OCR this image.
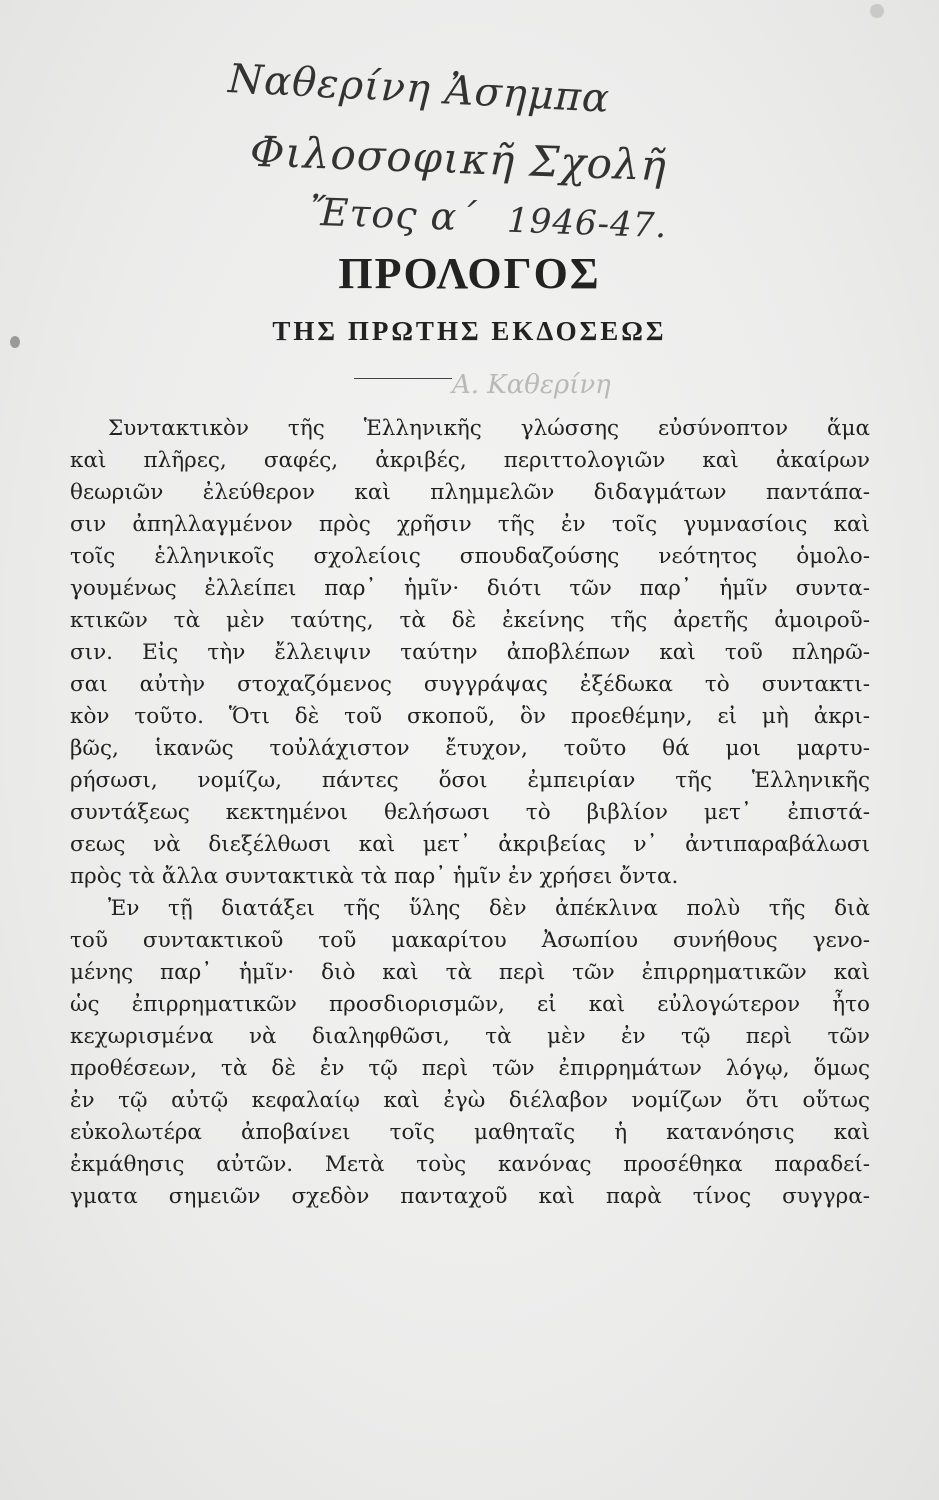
Ναθερίνη Ἀσημπα
Φιλοσοφικῆ Σχολῆ
Ἔτος α΄ 1946-47.
ΠΡΟΛΟΓΟΣ
ΤΗΣ ΠΡΩΤΗΣ ΕΚΔΟΣΕΩΣ
Α. Καθερίνη
Συντακτικὸν τῆς Ἑλληνικῆς γλώσσης εὐσύνοπτον ἅμα
καὶ πλῆρες, σαφές, ἀκριβές, περιττολογιῶν καὶ ἀκαίρων
θεωριῶν ἐλεύθερον καὶ πλημμελῶν διδαγμάτων παντάπα-
σιν ἀπηλλαγμένον πρὸς χρῆσιν τῆς ἐν τοῖς γυμνασίοις καὶ
τοῖς ἑλληνικοῖς σχολείοις σπουδαζούσης νεότητος ὁμολο-
γουμένως ἐλλείπει παρ᾽ ἡμῖν· διότι τῶν παρ᾽ ἡμῖν συντα-
κτικῶν τὰ μὲν ταύτης, τὰ δὲ ἐκείνης τῆς ἀρετῆς ἀμοιροῦ-
σιν. Εἰς τὴν ἔλλειψιν ταύτην ἀποβλέπων καὶ τοῦ πληρῶ-
σαι αὐτὴν στοχαζόμενος συγγράψας ἐξέδωκα τὸ συντακτι-
κὸν τοῦτο. Ὅτι δὲ τοῦ σκοποῦ, ὃν προεθέμην, εἰ μὴ ἀκρι-
βῶς, ἱκανῶς τοὐλάχιστον ἔτυχον, τοῦτο θά μοι μαρτυ-
ρήσωσι, νομίζω, πάντες ὅσοι ἐμπειρίαν τῆς Ἑλληνικῆς
συντάξεως κεκτημένοι θελήσωσι τὸ βιβλίον μετ᾽ ἐπιστά-
σεως νὰ διεξέλθωσι καὶ μετ᾽ ἀκριβείας ν᾽ ἀντιπαραβάλωσι
πρὸς τὰ ἄλλα συντακτικὰ τὰ παρ᾽ ἡμῖν ἐν χρήσει ὄντα.
Ἐν τῇ διατάξει τῆς ὕλης δὲν ἀπέκλινα πολὺ τῆς διὰ
τοῦ συντακτικοῦ τοῦ μακαρίτου Ἀσωπίου συνήθους γενο-
μένης παρ᾽ ἡμῖν· διὸ καὶ τὰ περὶ τῶν ἐπιρρηματικῶν καὶ
ὡς ἐπιρρηματικῶν προσδιορισμῶν, εἰ καὶ εὐλογώτερον ἦτο
κεχωρισμένα νὰ διαληφθῶσι, τὰ μὲν ἐν τῷ περὶ τῶν
προθέσεων, τὰ δὲ ἐν τῷ περὶ τῶν ἐπιρρημάτων λόγῳ, ὅμως
ἐν τῷ αὐτῷ κεφαλαίῳ καὶ ἐγὼ διέλαβον νομίζων ὅτι οὕτως
εὐκολωτέρα ἀποβαίνει τοῖς μαθηταῖς ἡ κατανόησις καὶ
ἐκμάθησις αὐτῶν. Μετὰ τοὺς κανόνας προσέθηκα παραδεί-
γματα σημειῶν σχεδὸν πανταχοῦ καὶ παρὰ τίνος συγγρα-
